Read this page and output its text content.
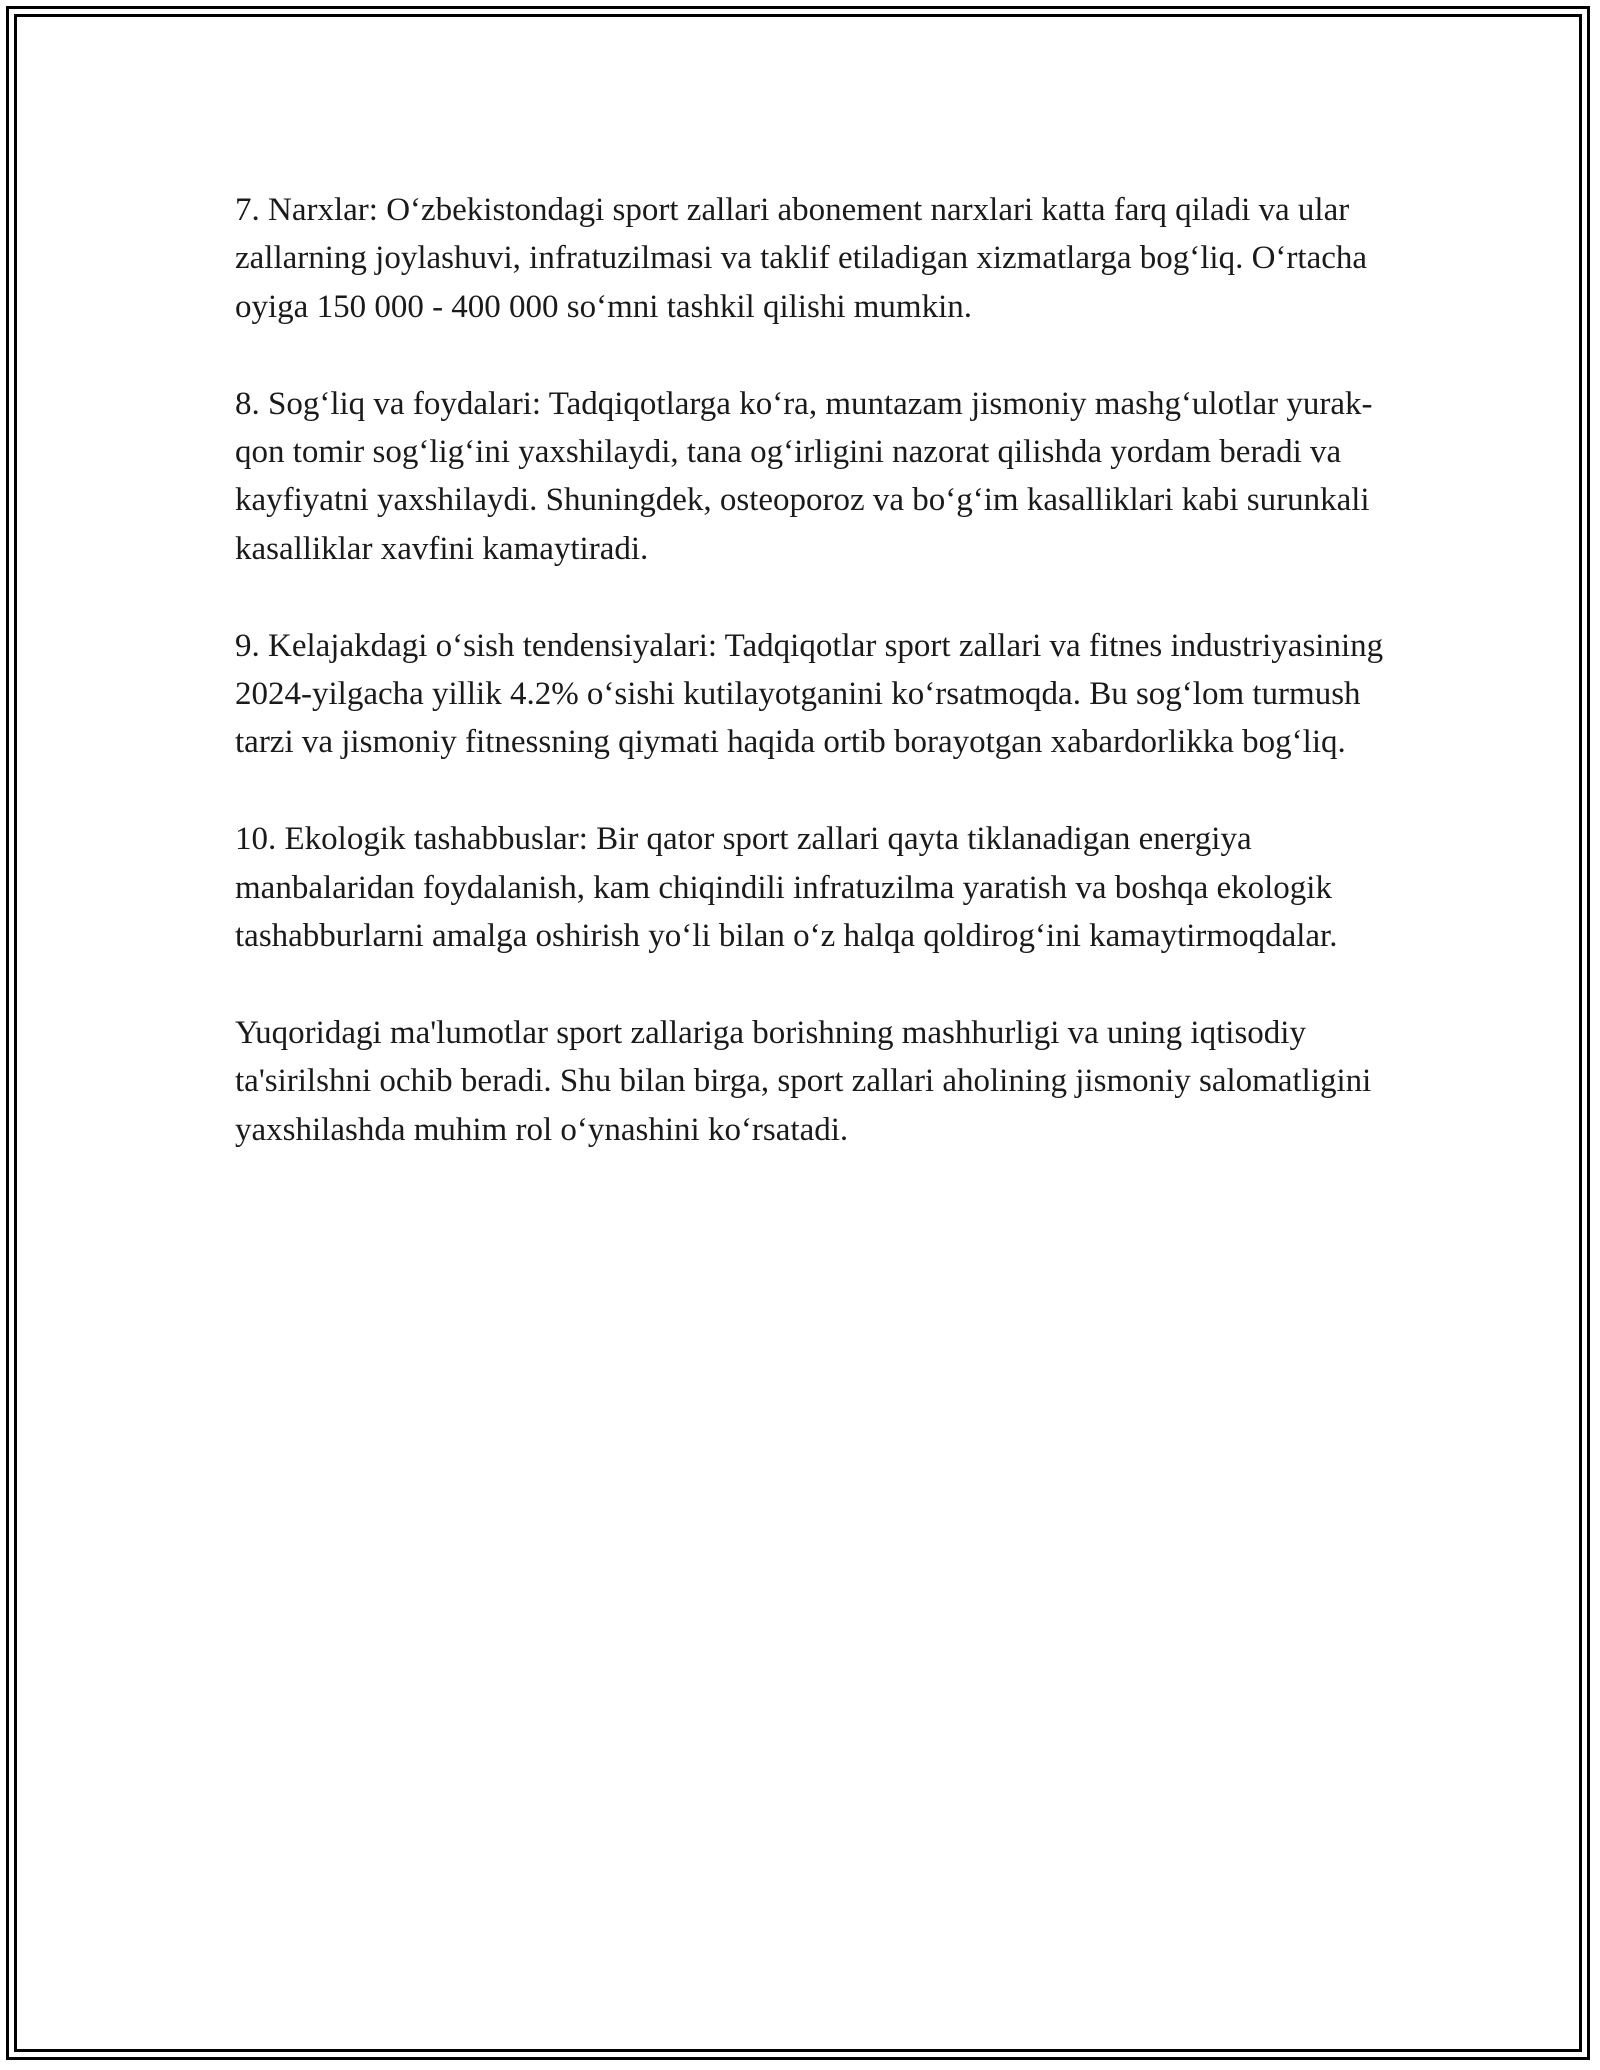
7. Narxlar: O‘zbekistondagi sport zallari abonement narxlari katta farq qiladi va ular zallarning joylashuvi, infratuzilmasi va taklif etiladigan xizmatlarga bog‘liq. O‘rtacha oyiga 150 000 - 400 000 so‘mni tashkil qilishi mumkin.

8. Sog‘liq va foydalari: Tadqiqotlarga ko‘ra, muntazam jismoniy mashg‘ulotlar yurak-qon tomir sog‘lig‘ini yaxshilaydi, tana og‘irligini nazorat qilishda yordam beradi va kayfiyatni yaxshilaydi. Shuningdek, osteoporoz va bo‘g‘im kasalliklari kabi surunkali kasalliklar xavfini kamaytiradi.

9. Kelajakdagi o‘sish tendensiyalari: Tadqiqotlar sport zallari va fitnes industriyasining 2024-yilgacha yillik 4.2% o‘sishi kutilayotganini ko‘rsatmoqda. Bu sog‘lom turmush tarzi va jismoniy fitnessning qiymati haqida ortib borayotgan xabardorlikka bog‘liq.

10. Ekologik tashabbuslar: Bir qator sport zallari qayta tiklanadigan energiya manbalaridan foydalanish, kam chiqindili infratuzilma yaratish va boshqa ekologik tashabburlarni amalga oshirish yo‘li bilan o‘z halqa qoldirog‘ini kamaytirmoqdalar.

Yuqoridagi ma'lumotlar sport zallariga borishning mashhurligi va uning iqtisodiy ta'sirilshni ochib beradi. Shu bilan birga, sport zallari aholining jismoniy salomatligini yaxshilashda muhim rol o‘ynashini ko‘rsatadi.
